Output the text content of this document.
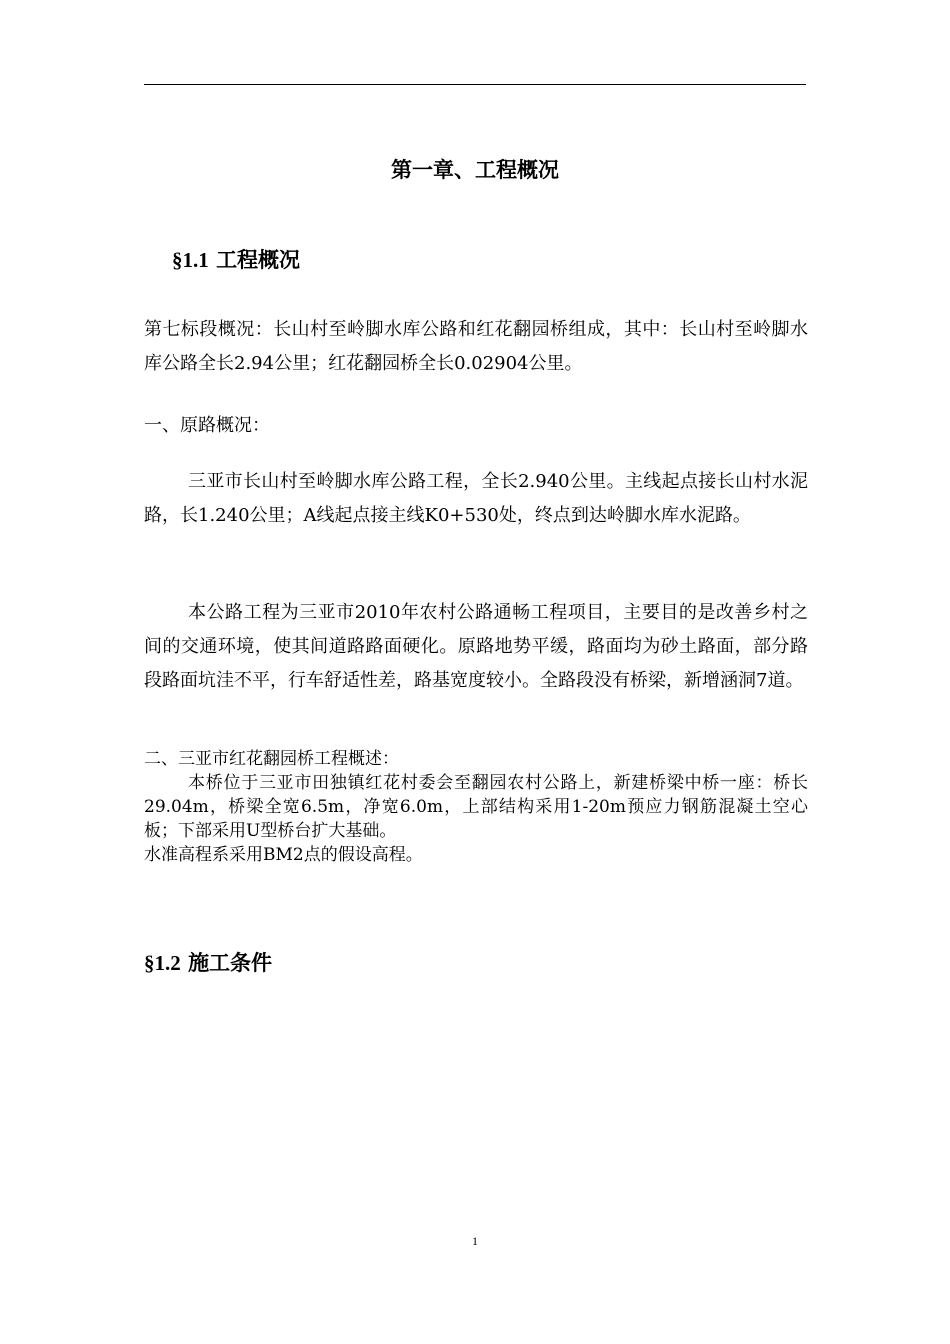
第一章、工程概况
§1.1 工程概况
第七标段概况：长山村至岭脚水库公路和红花翻园桥组成，其中：长山村至岭脚水库公路全长2.94公里；红花翻园桥全长0.02904公里。
一、原路概况：
三亚市长山村至岭脚水库公路工程，全长2.940公里。主线起点接长山村水泥路，长1.240公里；A线起点接主线K0+530处，终点到达岭脚水库水泥路。
本公路工程为三亚市2010年农村公路通畅工程项目，主要目的是改善乡村之间的交通环境，使其间道路路面硬化。原路地势平缓，路面均为砂土路面，部分路段路面坑洼不平，行车舒适性差，路基宽度较小。全路段没有桥梁，新增涵洞7道。
二、三亚市红花翻园桥工程概述：
本桥位于三亚市田独镇红花村委会至翻园农村公路上，新建桥梁中桥一座：桥长29.04m，桥梁全宽6.5m，净宽6.0m，上部结构采用1-20m预应力钢筋混凝土空心板；下部采用U型桥台扩大基础。
水准高程系采用BM2点的假设高程。
§1.2 施工条件
1
